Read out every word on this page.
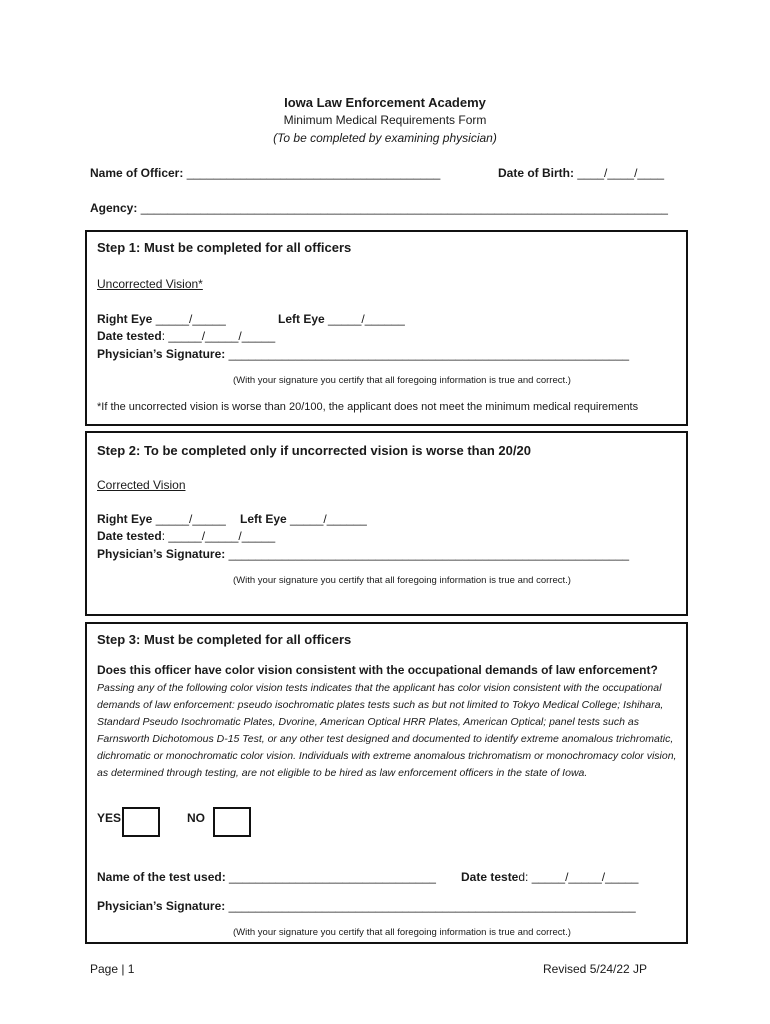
Iowa Law Enforcement Academy
Minimum Medical Requirements Form
(To be completed by examining physician)
Name of Officer: ______________________________________	Date of Birth: ____/____/____
Agency: _______________________________________________________________________________
Step 1: Must be completed for all officers
Uncorrected Vision*
Right Eye _____/_____	Left Eye _____/______
Date tested: _____/_____/_____
Physician’s Signature: ____________________________________________________________
(With your signature you certify that all foregoing information is true and correct.)
*If the uncorrected vision is worse than 20/100, the applicant does not meet the minimum medical requirements
Step 2: To be completed only if uncorrected vision is worse than 20/20
Corrected Vision
Right Eye _____/_____ Left Eye _____/______
Date tested: _____/_____/_____
Physician’s Signature: ____________________________________________________________
(With your signature you certify that all foregoing information is true and correct.)
Step 3: Must be completed for all officers
Does this officer have color vision consistent with the occupational demands of law enforcement?
Passing any of the following color vision tests indicates that the applicant has color vision consistent with the occupational demands of law enforcement: pseudo isochromatic plates tests such as but not limited to Tokyo Medical College; Ishihara, Standard Pseudo Isochromatic Plates, Dvorine, American Optical HRR Plates, American Optical; panel tests such as Farnsworth Dichotomous D-15 Test, or any other test designed and documented to identify extreme anomalous trichromatic, dichromatic or monochromatic color vision. Individuals with extreme anomalous trichromatism or monochromacy color vision, as determined through testing, are not eligible to be hired as law enforcement officers in the state of Iowa.
YES	NO
Name of the test used: _______________________________ Date tested: _____/_____/_____
Physician’s Signature: _____________________________________________________________
(With your signature you certify that all foregoing information is true and correct.)
Page | 1	Revised 5/24/22 JP
